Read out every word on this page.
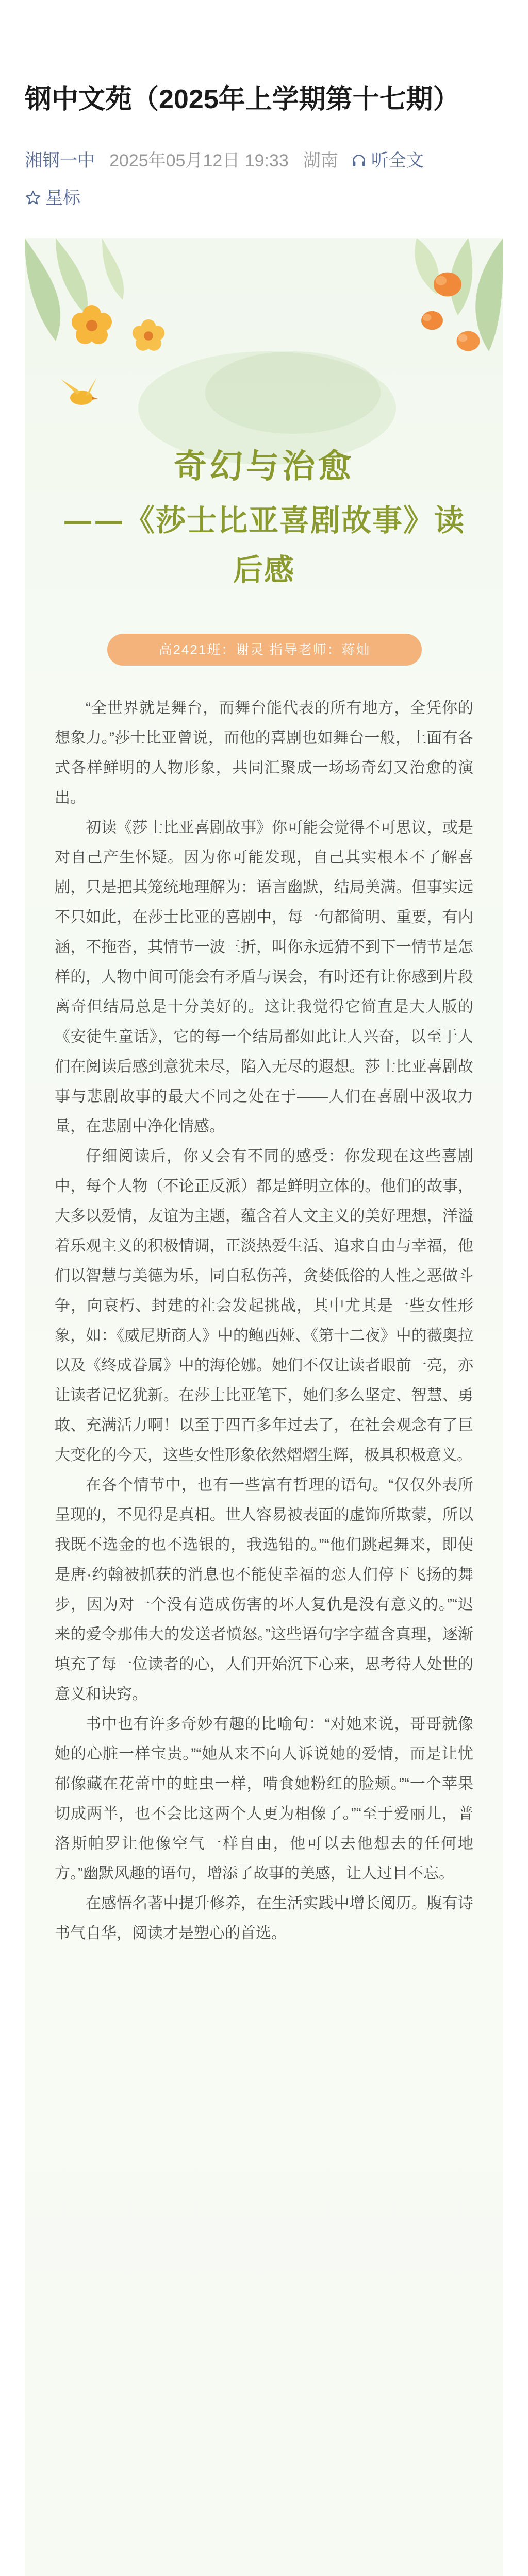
钢中文苑（2025年上学期第十七期）
湘钢一中 2025年05月12日 19:33 湖南 听全文
星标
奇幻与治愈
——《莎士比亚喜剧故事》读后感
高2421班：谢灵 指导老师：蒋灿

“全世界就是舞台，而舞台能代表的所有地方，全凭你的想象力。”莎士比亚曾说，而他的喜剧也如舞台一般，上面有各式各样鲜明的人物形象，共同汇聚成一场场奇幻又治愈的演出。

初读《莎士比亚喜剧故事》你可能会觉得不可思议，或是对自己产生怀疑。因为你可能发现，自己其实根本不了解喜剧，只是把其笼统地理解为：语言幽默，结局美满。但事实远不只如此，在莎士比亚的喜剧中，每一句都简明、重要，有内涵，不拖沓，其情节一波三折，叫你永远猜不到下一情节是怎样的，人物中间可能会有矛盾与误会，有时还有让你感到片段离奇但结局总是十分美好的。这让我觉得它简直是大人版的《安徒生童话》，它的每一个结局都如此让人兴奋，以至于人们在阅读后感到意犹未尽，陷入无尽的遐想。莎士比亚喜剧故事与悲剧故事的最大不同之处在于——人们在喜剧中汲取力量，在悲剧中净化情感。

仔细阅读后，你又会有不同的感受：你发现在这些喜剧中，每个人物（不论正反派）都是鲜明立体的。他们的故事，大多以爱情，友谊为主题，蕴含着人文主义的美好理想，洋溢着乐观主义的积极情调，正淡热爱生活、追求自由与幸福，他们以智慧与美德为乐，同自私伤善，贪婪低俗的人性之恶做斗争，向衰朽、封建的社会发起挑战，其中尤其是一些女性形象，如：《威尼斯商人》中的鲍西娅、《第十二夜》中的薇奥拉以及《终成眷属》中的海伦娜。她们不仅让读者眼前一亮，亦让读者记忆犹新。在莎士比亚笔下，她们多么坚定、智慧、勇敢、充满活力啊！以至于四百多年过去了，在社会观念有了巨大变化的今天，这些女性形象依然熠熠生辉，极具积极意义。

在各个情节中，也有一些富有哲理的语句。“仅仅外表所呈现的，不见得是真相。世人容易被表面的虚饰所欺蒙，所以我既不选金的也不选银的，我选铅的。”“他们跳起舞来，即使是唐·约翰被抓获的消息也不能使幸福的恋人们停下飞扬的舞步，因为对一个没有造成伤害的坏人复仇是没有意义的。”“迟来的爱令那伟大的发送者愤怒。”这些语句字字蕴含真理，逐渐填充了每一位读者的心，人们开始沉下心来，思考待人处世的意义和诀窍。

书中也有许多奇妙有趣的比喻句：“对她来说，哥哥就像她的心脏一样宝贵。”“她从来不向人诉说她的爱情，而是让忧郁像藏在花蕾中的蛀虫一样，啃食她粉红的脸颊。”“一个苹果切成两半，也不会比这两个人更为相像了。”“至于爱丽儿，普洛斯帕罗让他像空气一样自由，他可以去他想去的任何地方。”幽默风趣的语句，增添了故事的美感，让人过目不忘。

在感悟名著中提升修养，在生活实践中增长阅历。腹有诗书气自华，阅读才是塑心的首选。
